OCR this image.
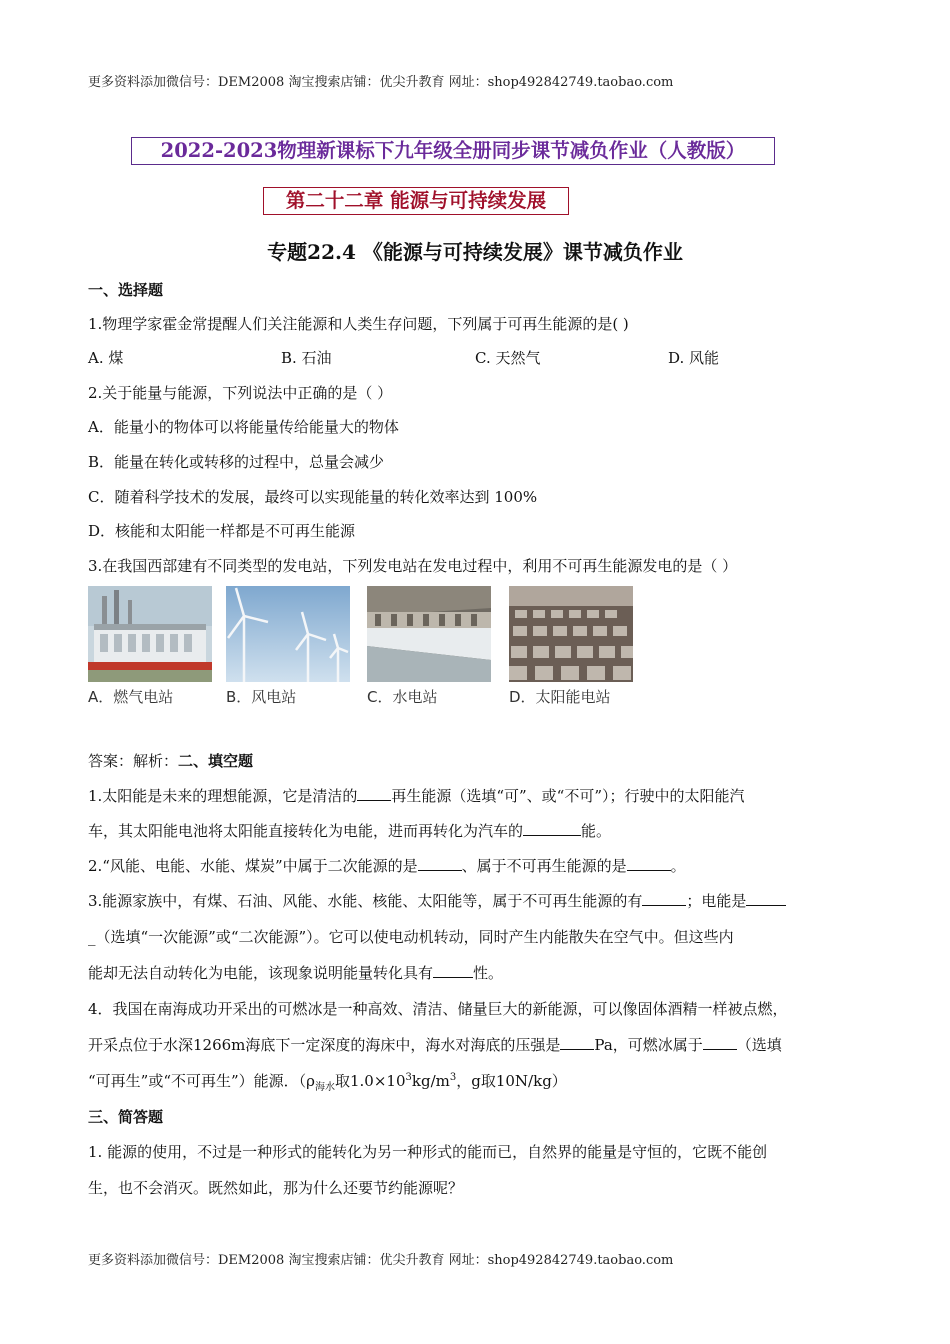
更多资料添加微信号：DEM2008 淘宝搜索店铺：优尖升教育 网址：shop492842749.taobao.com
2022-2023物理新课标下九年级全册同步课节减负作业（人教版）
第二十二章 能源与可持续发展
专题22.4 《能源与可持续发展》课节减负作业
一、选择题
1.物理学家霍金常提醒人们关注能源和人类生存问题，下列属于可再生能源的是( )
A. 煤	B. 石油	C. 天然气	D. 风能
2.关于能量与能源，下列说法中正确的是（ ）
A．能量小的物体可以将能量传给能量大的物体
B．能量在转化或转移的过程中，总量会减少
C．随着科学技术的发展，最终可以实现能量的转化效率达到 100%
D．核能和太阳能一样都是不可再生能源
3.在我国西部建有不同类型的发电站，下列发电站在发电过程中，利用不可再生能源发电的是（ ）
A．燃气电站	B．风电站	C．水电站	D．太阳能电站
答案：解析：二、填空题
1.太阳能是未来的理想能源，它是清洁的 再生能源（选填“可”、或“不可”）；行驶中的太阳能汽
车，其太阳能电池将太阳能直接转化为电能，进而再转化为汽车的	能。
2.“风能、电能、水能、煤炭”中属于二次能源的是	、属于不可再生能源的是	。
3.能源家族中，有煤、石油、风能、水能、核能、太阳能等，属于不可再生能源的有	；电能是
_（选填“一次能源”或“二次能源”）。它可以使电动机转动，同时产生内能散失在空气中。但这些内
能却无法自动转化为电能，该现象说明能量转化具有	性。
4．我国在南海成功开采出的可燃冰是一种高效、清洁、储量巨大的新能源，可以像固体酒精一样被点燃，
开采点位于水深1266m海底下一定深度的海床中，海水对海底的压强是 Pa，可燃冰属于 （选填
“可再生”或“不可再生”）能源．（$\rho_{海水}$取$1.0\times 10^3kg/m^3$，g取10N/kg）
三、简答题
1. 能源的使用，不过是一种形式的能转化为另一种形式的能而已，自然界的能量是守恒的，它既不能创
生，也不会消灭。既然如此，那为什么还要节约能源呢？
更多资料添加微信号：DEM2008 淘宝搜索店铺：优尖升教育 网址：shop492842749.taobao.com
